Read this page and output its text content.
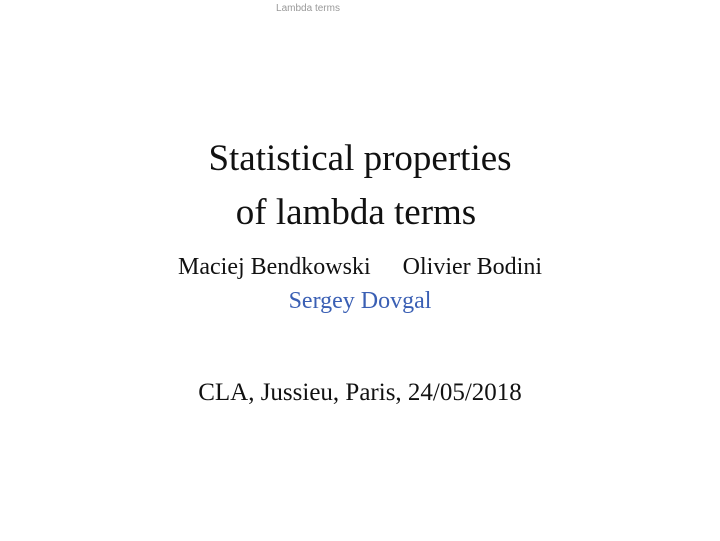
Lambda terms
Statistical properties
of lambda terms
Maciej Bendkowski Olivier Bodini
Sergey Dovgal
CLA, Jussieu, Paris, 24/05/2018
